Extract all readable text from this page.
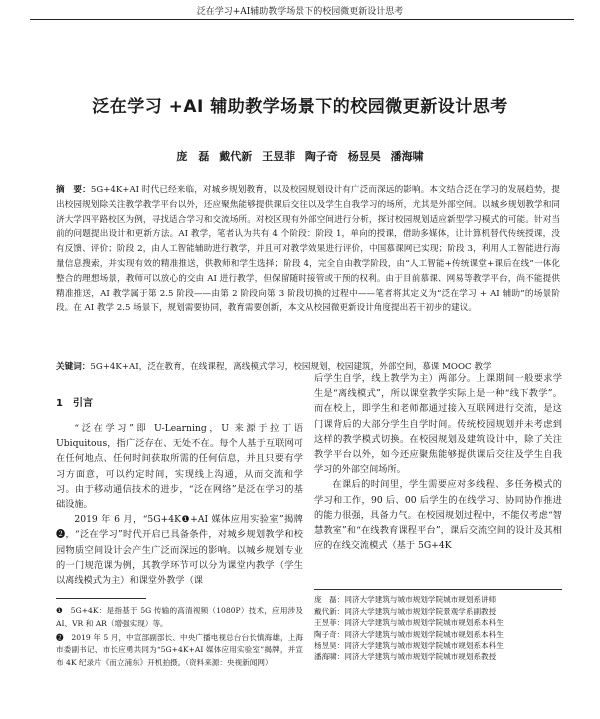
泛在学习+AI辅助教学场景下的校园微更新设计思考
泛在学习 +AI 辅助教学场景下的校园微更新设计思考
庞　磊 戴代新 王昱菲 陶子奇 杨昱昊 潘海啸
摘　要：5G+4K+AI 时代已经来临，对城乡规划教育，以及校园规划设计有广泛而深远的影响。本文结合泛在学习的发展趋势，提出校园规划除关注教学教学平台以外，还应聚焦能够提供课后交往以及学生自我学习的场所，尤其是外部空间。以城乡规划教学和同济大学四平路校区为例，寻找适合学习和交流场所。对校区现有外部空间进行分析，探讨校园规划适应新型学习模式的可能。针对当前的问题提出设计和更新方法。AI 教学，笔者认为共有 4 个阶段：阶段 1，单向的授课，借助多媒体，让计算机替代传统授课，没有反馈、评价；阶段 2，由人工智能辅助进行教学，并且可对教学效果进行评价，中国慕课网已实现；阶段 3，利用人工智能进行海量信息搜索，并实现有效的精准推送，供教师和学生选择；阶段 4，完全自由教学阶段，由“人工智能+传统课堂+课后在线”一体化整合的理想场景，教师可以放心的交由 AI 进行教学，但保留随时接管或干预的权利。由于目前慕课、网易等教学平台，尚不能提供精准推送，AI 教学属于第 2.5 阶段——由第 2 阶段向第 3 阶段切换的过程中——笔者将其定义为“泛在学习 + AI 辅助”的场景阶段。在 AI 教学 2.5 场景下，规划需要协同，教育需要创新，本文从校园微更新设计角度提出若干初步的建议。
关键词：5G+4K+AI，泛在教育，在线课程，离线模式学习，校园规划，校园建筑，外部空间，慕课 MOOC 教学
1　引言

“泛在学习”即 U-Learning，U 来源于拉丁语 Ubiquitous，指广泛存在、无处不在。每个人基于互联网可在任何地点、任何时间获取所需的任何信息，并且只要有学习方面意，可以约定时间，实现线上沟通，从而交流和学习。由于移动通信技术的进步，“泛在网络”是泛在学习的基础设施。

2019 年 6 月，“5G+4K❶+AI 媒体应用实验室”揭牌❷，“泛在学习”时代开启已具备条件，对城乡规划教学和校园物质空间设计会产生广泛而深远的影响。以城乡规划专业的一门规范课为例，其教学环节可以分为课堂内教学（学生以离线模式为主）和课堂外教学（课

❶　5G+4K：是指基于 5G 传输的高清视频（1080P）技术，应用涉及 AI、VR 和 AR（增强实现）等。

❷　2019 年 5 月，中宣部副部长、中央广播电视总台台长慎海雄，上海市委副书记、市长应勇共同为“5G+4K+AI 媒体应用实验室”揭牌，并宣布 4K 纪录片《而立浦东》开机拍摄。（资料来源：央视新闻网）

后学生自学，线上教学为主）两部分。上课期间一般要求学生是“离线模式”，所以课堂教学实际上是一种“线下教学”。而在校上，即学生和老师都通过接入互联网进行交流，是这门课背后的大部分学生自学时间。传统校园规划并未考虑到这样的教学模式切换。在校园规划及建筑设计中，除了关注教学平台以外，如今还应聚焦能够提供课后交往及学生自我学习的外部空间场所。

在课后的时间里，学生需要应对多线程、多任务模式的学习和工作，90 后、00 后学生的在线学习、协同协作推进的能力很强，具备力气。在校园规划过程中，不能仅考虑“智慧教室”和“在线教育课程平台”，课后交流空间的设计及其相应的在线交流模式（基于 5G+4K

庞　磊：同济大学建筑与城市规划学院城市规划系讲师

戴代新：同济大学建筑与城市规划学院景观学系副教授

王昱菲：同济大学建筑与城市规划学院城市规划系本科生

陶子奇：同济大学建筑与城市规划学院城市规划系本科生

杨昱昊：同济大学建筑与城市规划学院城市规划系本科生

潘海啸：同济大学建筑与城市规划学院城市规划系教授
